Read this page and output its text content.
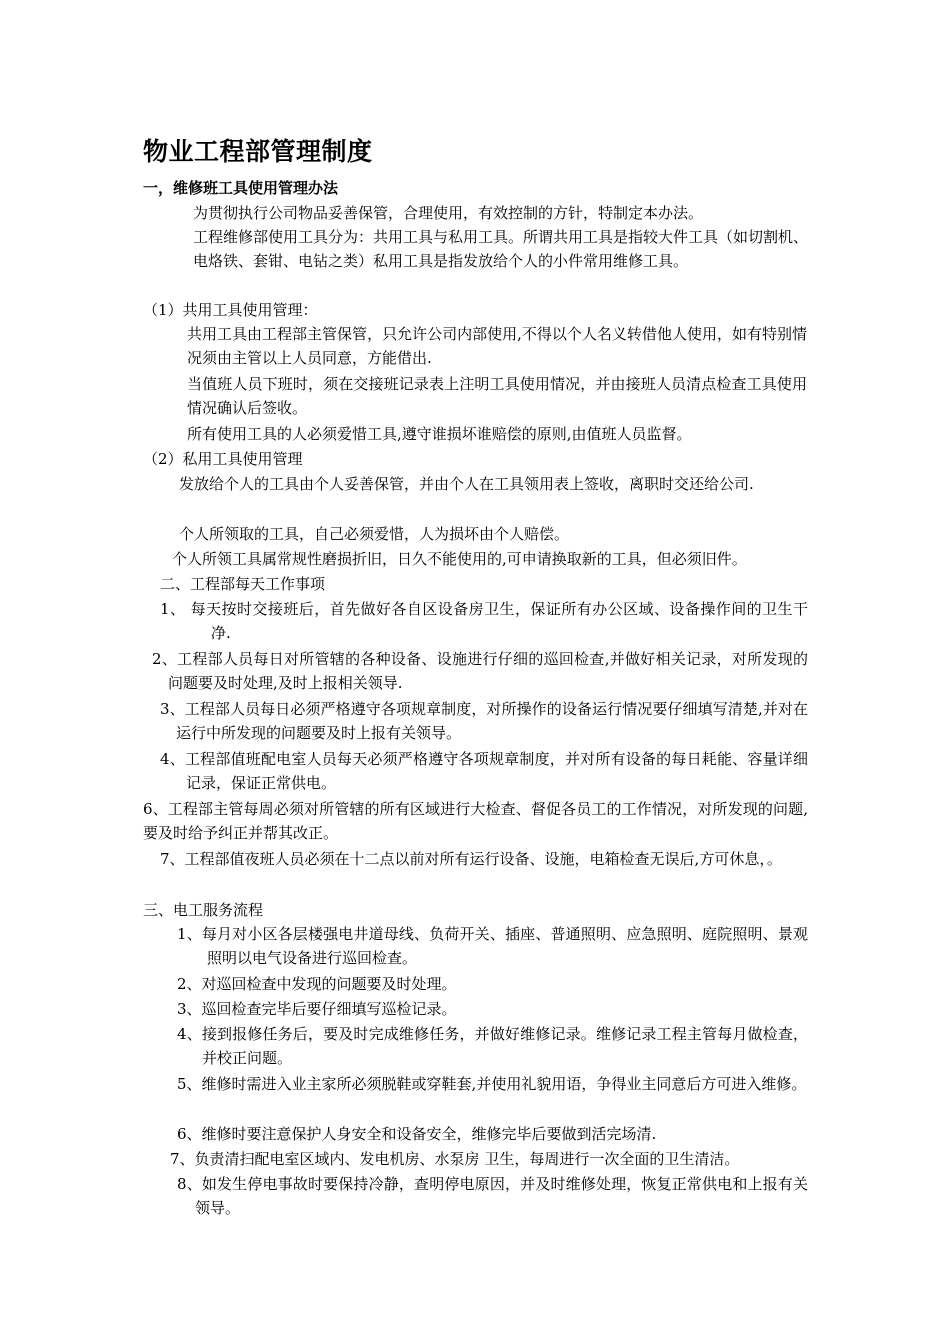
物业工程部管理制度
一，维修班工具使用管理办法

为贯彻执行公司物品妥善保管，合理使用，有效控制的方针，特制定本办法。

工程维修部使用工具分为：共用工具与私用工具。所谓共用工具是指较大件工具（如切割机、电烙铁、套钳、电钻之类）私用工具是指发放给个人的小件常用维修工具。

（1）共用工具使用管理：

共用工具由工程部主管保管，只允许公司内部使用,不得以个人名义转借他人使用，如有特别情况须由主管以上人员同意，方能借出.

当值班人员下班时，须在交接班记录表上注明工具使用情况，并由接班人员清点检查工具使用情况确认后签收。

所有使用工具的人必须爱惜工具,遵守谁损坏谁赔偿的原则,由值班人员监督。

（2）私用工具使用管理

发放给个人的工具由个人妥善保管，并由个人在工具领用表上签收，离职时交还给公司.

个人所领取的工具，自己必须爱惜，人为损坏由个人赔偿。

个人所领工具属常规性磨损折旧，日久不能使用的,可申请换取新的工具，但必须旧件。

二、工程部每天工作事项

1、 每天按时交接班后，首先做好各自区设备房卫生，保证所有办公区域、设备操作间的卫生干净.

2、工程部人员每日对所管辖的各种设备、设施进行仔细的巡回检查,并做好相关记录，对所发现的问题要及时处理,及时上报相关领导.

3、工程部人员每日必须严格遵守各项规章制度，对所操作的设备运行情况要仔细填写清楚,并对在运行中所发现的问题要及时上报有关领导。

4、工程部值班配电室人员每天必须严格遵守各项规章制度，并对所有设备的每日耗能、容量详细记录，保证正常供电。

6、工程部主管每周必须对所管辖的所有区域进行大检查、督促各员工的工作情况，对所发现的问题,要及时给予纠正并帮其改正。

7、工程部值夜班人员必须在十二点以前对所有运行设备、设施，电箱检查无误后,方可休息，。

三、电工服务流程

1、每月对小区各层楼强电井道母线、负荷开关、插座、普通照明、应急照明、庭院照明、景观照明以电气设备进行巡回检查。

2、对巡回检查中发现的问题要及时处理。

3、巡回检查完毕后要仔细填写巡检记录。

4、接到报修任务后，要及时完成维修任务，并做好维修记录。维修记录工程主管每月做检查，并校正问题。

5、维修时需进入业主家所必须脱鞋或穿鞋套,并使用礼貌用语，争得业主同意后方可进入维修。

6、维修时要注意保护人身安全和设备安全，维修完毕后要做到活完场清.

7、负责清扫配电室区域内、发电机房、水泵房 卫生，每周进行一次全面的卫生清洁。

8、如发生停电事故时要保持冷静，查明停电原因，并及时维修处理，恢复正常供电和上报有关领导。
